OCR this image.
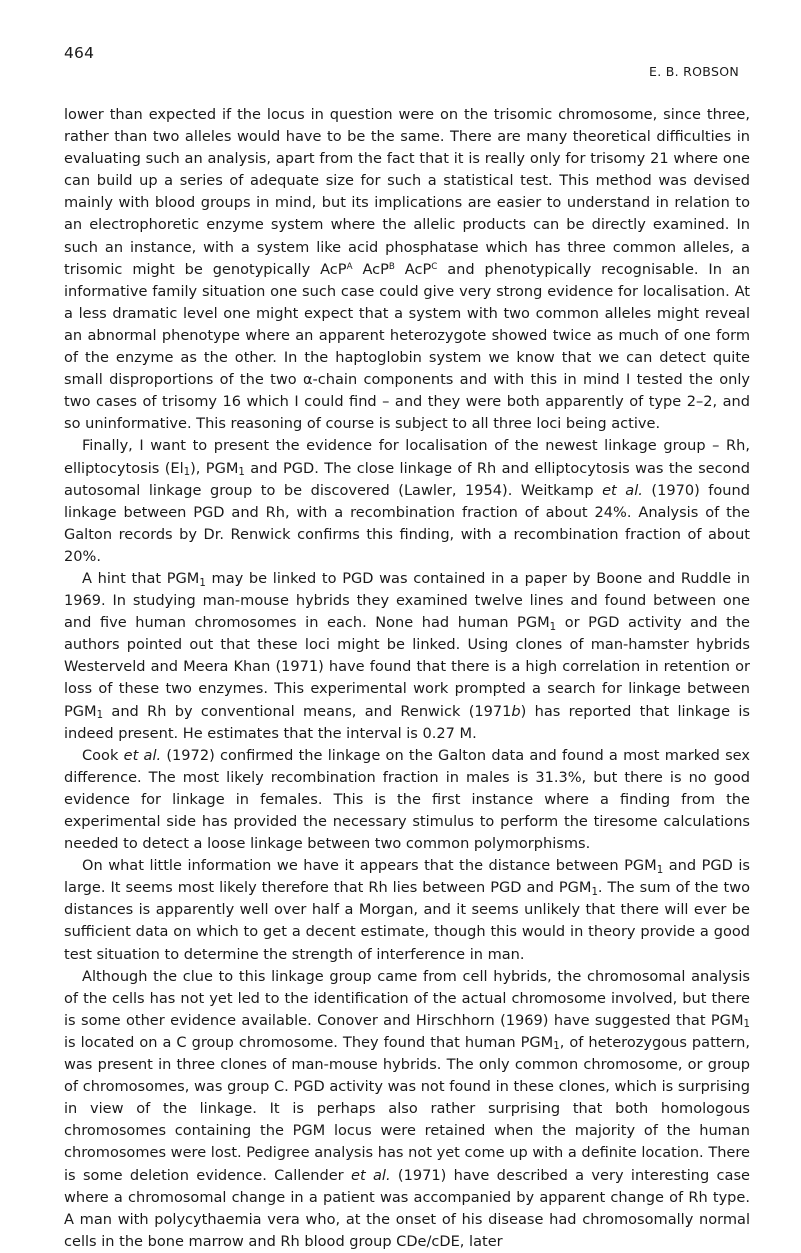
464
E. B. ROBSON

lower than expected if the locus in question were on the trisomic chromosome, since three, rather than two alleles would have to be the same. There are many theoretical difficulties in evaluating such an analysis, apart from the fact that it is really only for trisomy 21 where one can build up a series of adequate size for such a statistical test. This method was devised mainly with blood groups in mind, but its implications are easier to understand in relation to an electrophoretic enzyme system where the allelic products can be directly examined. In such an instance, with a system like acid phosphatase which has three common alleles, a trisomic might be genotypically AcP$^A$ AcP$^B$ AcP$^C$ and phenotypically recognisable. In an informative family situation one such case could give very strong evidence for localisation. At a less dramatic level one might expect that a system with two common alleles might reveal an abnormal phenotype where an apparent heterozygote showed twice as much of one form of the enzyme as the other. In the haptoglobin system we know that we can detect quite small disproportions of the two α-chain components and with this in mind I tested the only two cases of trisomy 16 which I could find – and they were both apparently of type 2–2, and so uninformative. This reasoning of course is subject to all three loci being active.

Finally, I want to present the evidence for localisation of the newest linkage group – Rh, elliptocytosis $(El_1)$, $PGM_1$ and PGD. The close linkage of Rh and elliptocytosis was the second autosomal linkage group to be discovered (Lawler, 1954). Weitkamp et al. (1970) found linkage between PGD and Rh, with a recombination fraction of about 24%. Analysis of the Galton records by Dr. Renwick confirms this finding, with a recombination fraction of about 20%.

A hint that $PGM_1$ may be linked to PGD was contained in a paper by Boone and Ruddle in 1969. In studying man-mouse hybrids they examined twelve lines and found between one and five human chromosomes in each. None had human $PGM_1$ or PGD activity and the authors pointed out that these loci might be linked. Using clones of man-hamster hybrids Westerveld and Meera Khan (1971) have found that there is a high correlation in retention or loss of these two enzymes. This experimental work prompted a search for linkage between $PGM_1$ and Rh by conventional means, and Renwick (1971b) has reported that linkage is indeed present. He estimates that the interval is 0.27 M.

Cook et al. (1972) confirmed the linkage on the Galton data and found a most marked sex difference. The most likely recombination fraction in males is 31.3%, but there is no good evidence for linkage in females. This is the first instance where a finding from the experimental side has provided the necessary stimulus to perform the tiresome calculations needed to detect a loose linkage between two common polymorphisms.

On what little information we have it appears that the distance between $PGM_1$ and PGD is large. It seems most likely therefore that Rh lies between PGD and $PGM_1$. The sum of the two distances is apparently well over half a Morgan, and it seems unlikely that there will ever be sufficient data on which to get a decent estimate, though this would in theory provide a good test situation to determine the strength of interference in man.

Although the clue to this linkage group came from cell hybrids, the chromosomal analysis of the cells has not yet led to the identification of the actual chromosome involved, but there is some other evidence available. Conover and Hirschhorn (1969) have suggested that $PGM_1$ is located on a C group chromosome. They found that human $PGM_1$, of heterozygous pattern, was present in three clones of man-mouse hybrids. The only common chromosome, or group of chromosomes, was group C. PGD activity was not found in these clones, which is surprising in view of the linkage. It is perhaps also rather surprising that both homologous chromosomes containing the PGM locus were retained when the majority of the human chromosomes were lost. Pedigree analysis has not yet come up with a definite location. There is some deletion evidence. Callender et al. (1971) have described a very interesting case where a chromosomal change in a patient was accompanied by apparent change of Rh type. A man with polycythaemia vera who, at the onset of his disease had chromosomally normal cells in the bone marrow and Rh blood group CDe/cDE, later
